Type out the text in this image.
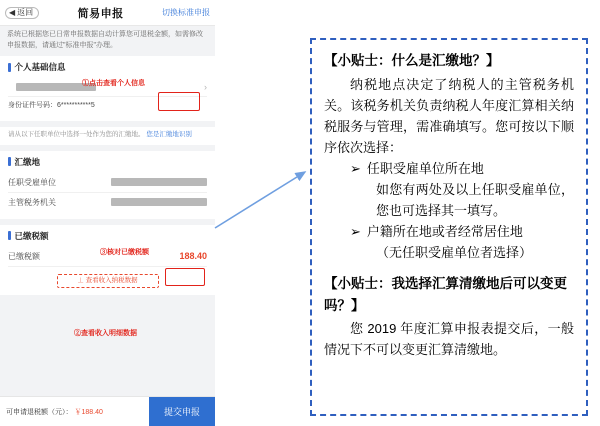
◀ 返回	简易申报	切换标准申报
系统已根据您已日常申报数据自动计算您可退税金额，如需修改申报数据，请通过"标准申报"办理。
个人基础信息
›
身份证件号码： 6***********5
请从以下任职单位中选择一处作为您的汇缴地。 您是汇缴地识别
汇缴地
任职受雇单位
主管税务机关
已缴税额
已缴税额	188.40
⊥ 查看收入纳税数据
①点击查看个人信息
③核对已缴税额
②查看收入明细数据
可申请退税额（元）： ￥188.40	提交申报
【小贴士：什么是汇缴地？】
纳税地点决定了纳税人的主管税务机关。该税务机关负责纳税人年度汇算相关纳税服务与管理，需准确填写。您可按以下顺序依次选择：
➢ 任职受雇单位所在地
如您有两处及以上任职受雇单位，您也可选择其一填写。
➢ 户籍所在地或者经常居住地
（无任职受雇单位者选择）
【小贴士：我选择汇算清缴地后可以变更吗？】
您 2019 年度汇算申报表提交后，一般情况下不可以变更汇算清缴地。
